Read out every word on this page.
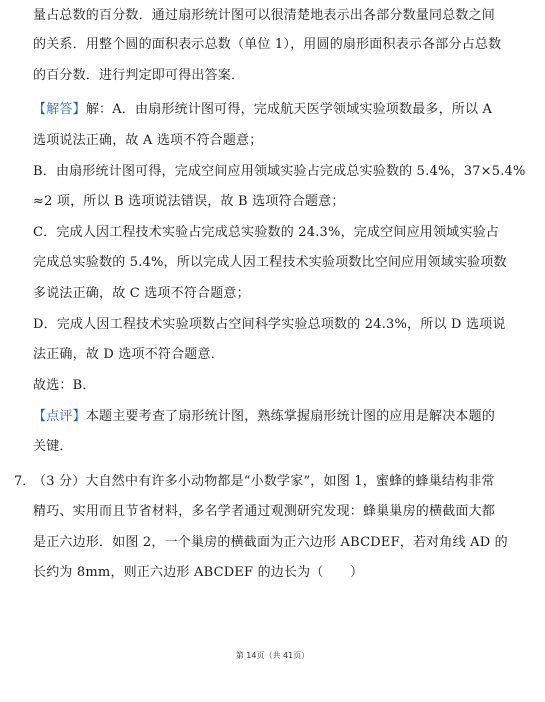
量占总数的百分数．通过扇形统计图可以很清楚地表示出各部分数量同总数之间
的关系．用整个圆的面积表示总数（单位 1），用圆的扇形面积表示各部分占总数
的百分数．进行判定即可得出答案．
【解答】解：A．由扇形统计图可得，完成航天医学领域实验项数最多，所以 A
选项说法正确，故 A 选项不符合题意；
B．由扇形统计图可得，完成空间应用领域实验占完成总实验数的 5.4%，37×5.4%
≈2 项，所以 B 选项说法错误，故 B 选项符合题意；
C．完成人因工程技术实验占完成总实验数的 24.3%，完成空间应用领域实验占
完成总实验数的 5.4%，所以完成人因工程技术实验项数比空间应用领域实验项数
多说法正确，故 C 选项不符合题意；
D．完成人因工程技术实验项数占空间科学实验总项数的 24.3%，所以 D 选项说
法正确，故 D 选项不符合题意．
故选：B．
【点评】本题主要考查了扇形统计图，熟练掌握扇形统计图的应用是解决本题的
关键．
7．
（3 分）大自然中有许多小动物都是“小数学家”，如图 1，蜜蜂的蜂巢结构非常
精巧、实用而且节省材料，多名学者通过观测研究发现：蜂巢巢房的横截面大都
是正六边形．如图 2，一个巢房的横截面为正六边形 ABCDEF，若对角线 AD 的
长约为 8mm，则正六边形 ABCDEF 的边长为（　　）
第 14页（共 41页）
